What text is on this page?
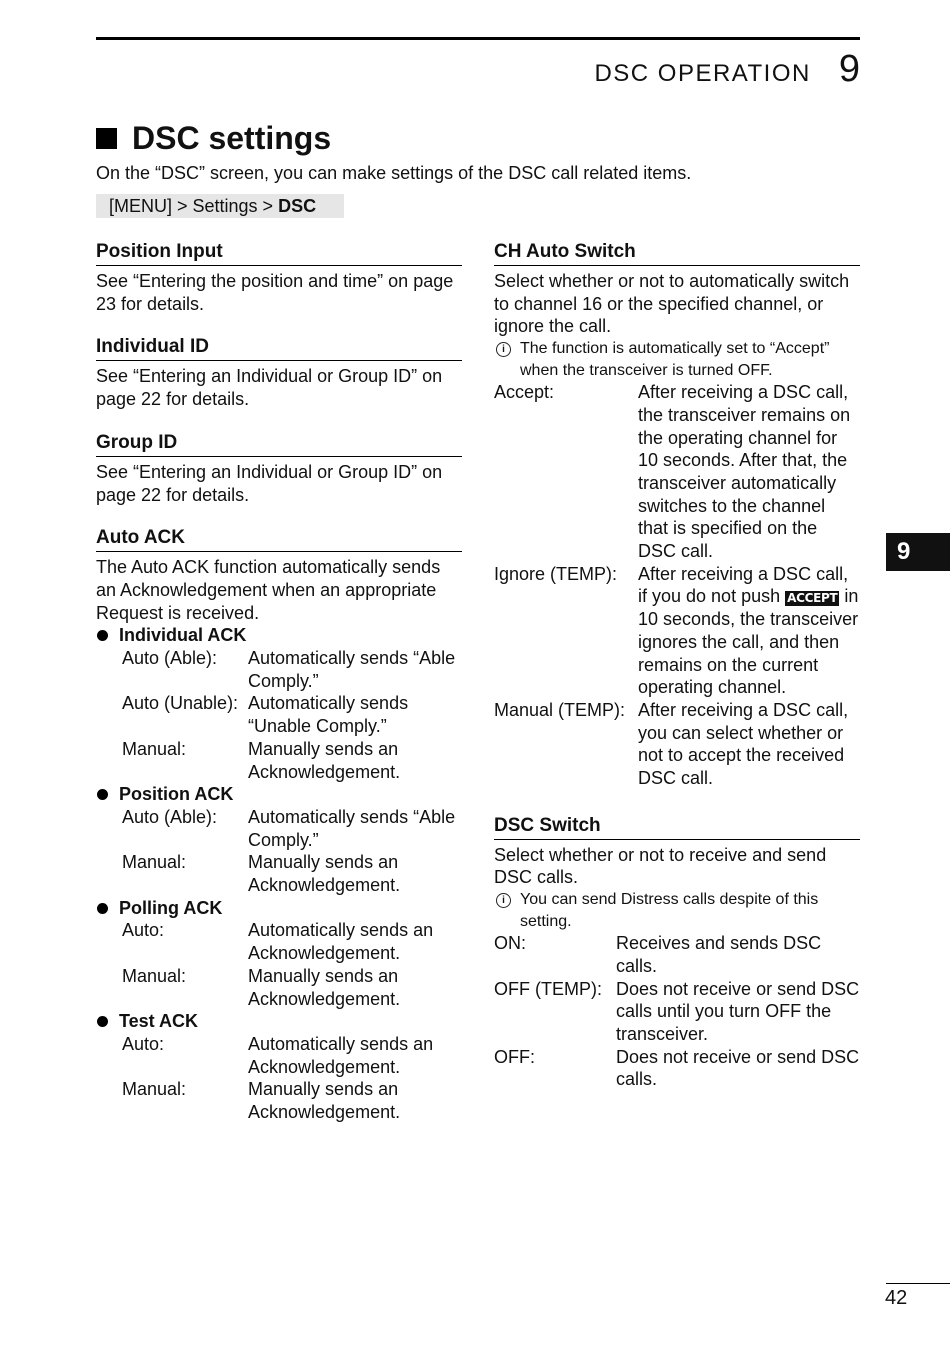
DSC OPERATION 9
DSC settings
On the “DSC” screen, you can make settings of the DSC call related items.
[MENU] > Settings > DSC
Position Input

See “Entering the position and time” on page 23 for details.

Individual ID

See “Entering an Individual or Group ID” on page 22 for details.

Group ID

See “Entering an Individual or Group ID” on page 22 for details.

Auto ACK

The Auto ACK function automatically sends an Acknowledgement when an appropriate Request is received.

Individual ACK
Auto (Able):	Automatically sends “Able Comply.”
Auto (Unable): Automatically sends “Unable Comply.”
Manual:	Manually sends an Acknowledgement.
Position ACK
Auto (Able):	Automatically sends “Able Comply.”
Manual:	Manually sends an Acknowledgement.
Polling ACK
Auto:	Automatically sends an Acknowledgement.
Manual:	Manually sends an Acknowledgement.
Test ACK
Auto:	Automatically sends an Acknowledgement.
Manual:	Manually sends an Acknowledgement.
CH Auto Switch

Select whether or not to automatically switch to channel 16 or the specified channel, or ignore the call.

i The function is automatically set to “Accept” when the transceiver is turned OFF.
Accept:	After receiving a DSC call, the transceiver remains on the operating channel for 10 seconds. After that, the transceiver automatically switches to the channel that is specified on the DSC call.
Ignore (TEMP):	After receiving a DSC call, if you do not push ACCEPT in 10 seconds, the transceiver ignores the call, and then remains on the current operating channel.
Manual (TEMP): After receiving a DSC call, you can select whether or not to accept the received DSC call.
DSC Switch

Select whether or not to receive and send DSC calls.

i You can send Distress calls despite of this setting.
ON:	Receives and sends DSC calls.
OFF (TEMP): Does not receive or send DSC calls until you turn OFF the transceiver.
OFF:	Does not receive or send DSC calls.
9
42
